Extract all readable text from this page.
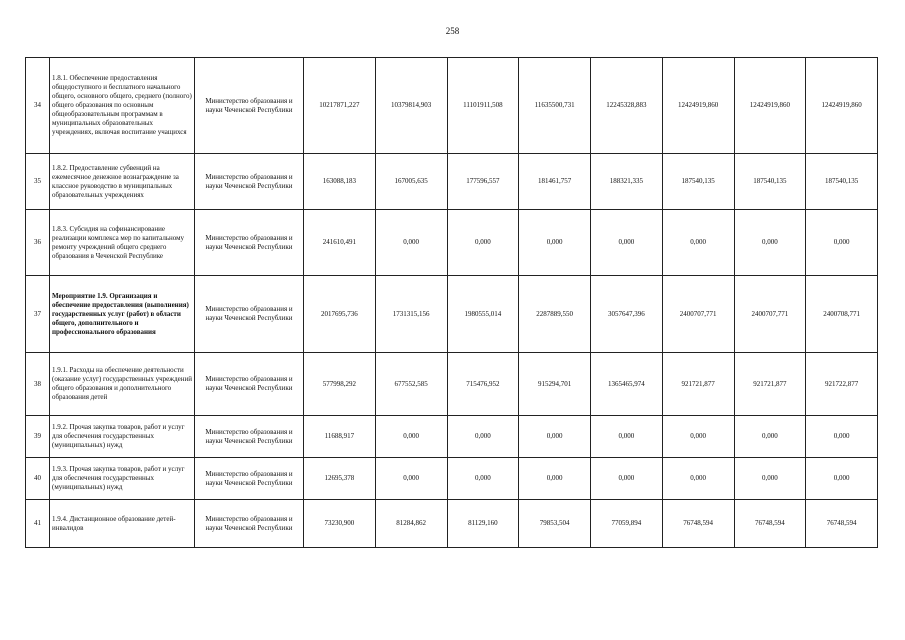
258
34	1.8.1. Обеспечение предоставления общедоступного и бесплатного начального общего, основного общего, среднего (полного) общего образования по основным общеобразовательным программам в муниципальных образовательных учреждениях, включая воспитание учащихся	Министерство образования и науки Чеченской Республики	10217871,227	10379814,903	11101911,508	11635500,731	12245328,883	12424919,860	12424919,860	12424919,860
35	1.8.2. Предоставление субвенций на ежемесячное денежное вознаграждение за классное руководство в муниципальных образовательных учреждениях	Министерство образования и науки Чеченской Республики	163088,183	167005,635	177596,557	181461,757	188321,335	187540,135	187540,135	187540,135
36	1.8.3. Субсидия на софинансирование реализации комплекса мер по капитальному ремонту учреждений общего среднего образования в Чеченской Республике	Министерство образования и науки Чеченской Республики	241610,491	0,000	0,000	0,000	0,000	0,000	0,000	0,000
37	Мероприятие 1.9. Организация и обеспечение предоставления (выполнения) государственных услуг (работ) в области общего, дополнительного и профессионального образования	Министерство образования и науки Чеченской Республики	2017695,736	1731315,156	1980555,014	2287889,550	3057647,396	2400707,771	2400707,771	2400708,771
38	1.9.1. Расходы на обеспечение деятельности (оказание услуг) государственных учреждений общего образования и дополнительного образования детей	Министерство образования и науки Чеченской Республики	577998,292	677552,585	715476,952	915294,701	1365465,974	921721,877	921721,877	921722,877
39	1.9.2. Прочая закупка товаров, работ и услуг для обеспечения государственных (муниципальных) нужд	Министерство образования и науки Чеченской Республики	11688,917	0,000	0,000	0,000	0,000	0,000	0,000	0,000
40	1.9.3. Прочая закупка товаров, работ и услуг для обеспечения государственных (муниципальных) нужд	Министерство образования и науки Чеченской Республики	12695,378	0,000	0,000	0,000	0,000	0,000	0,000	0,000
41	1.9.4. Дистанционное образование детей-инвалидов	Министерство образования и науки Чеченской Республики	73230,900	81284,862	81129,160	79853,504	77059,894	76748,594	76748,594	76748,594
